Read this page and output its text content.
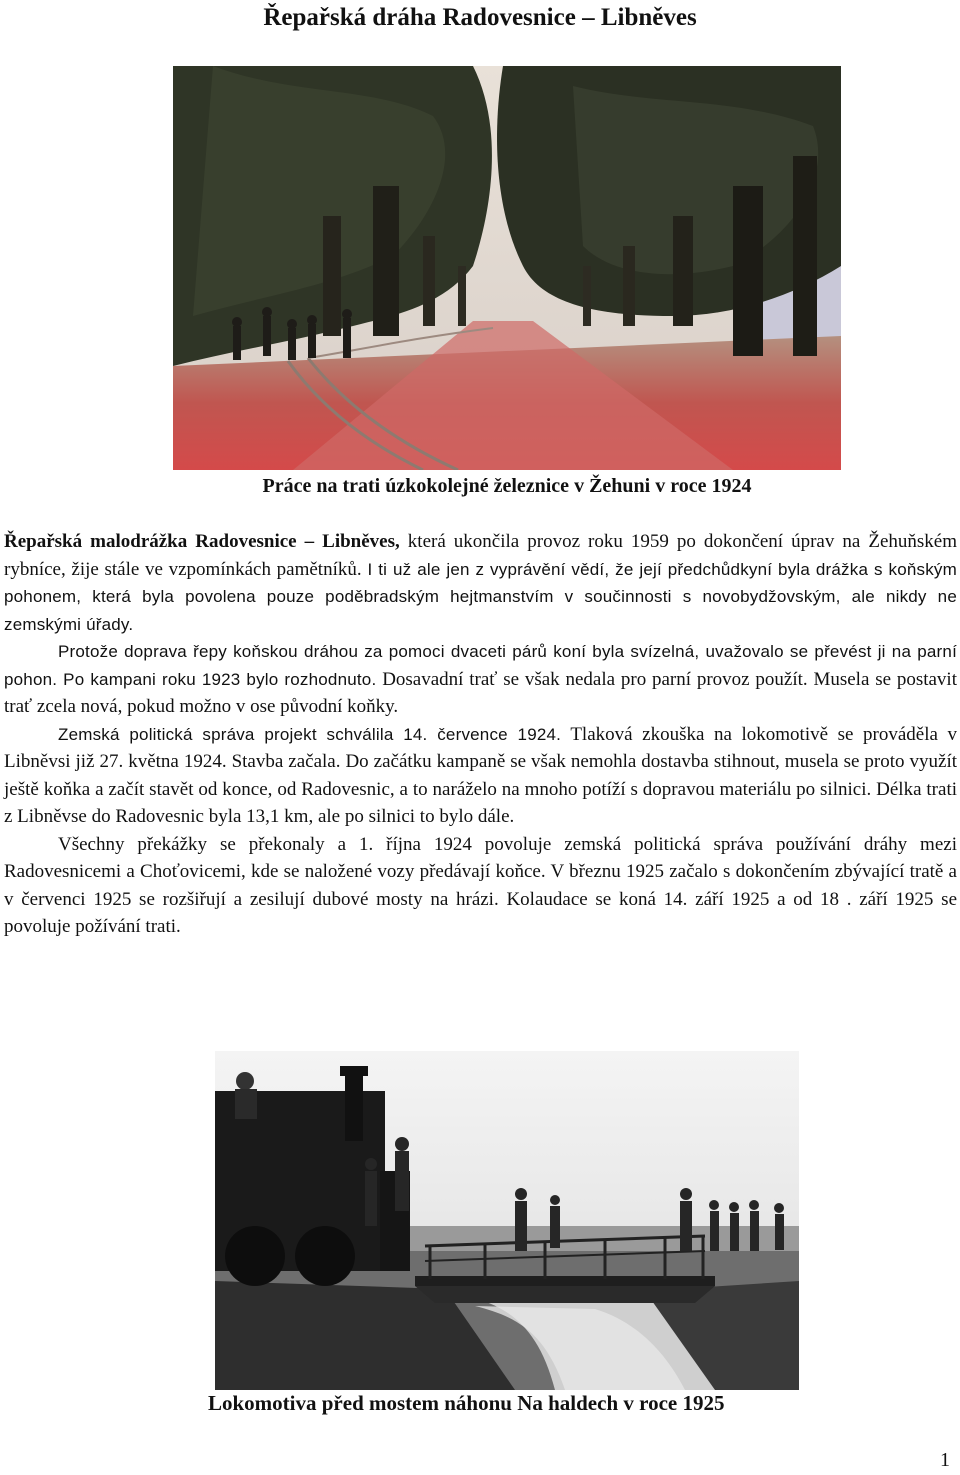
Řepařská dráha Radovesnice – Libněves
Práce na trati úzkokolejné železnice v Žehuni v roce 1924

Řepařská malodrážka Radovesnice – Libněves, která ukončila provoz roku 1959 po dokončení úprav na Žehuňském rybníce, žije stále ve vzpomínkách pamětníků. I ti už ale jen z vyprávění vědí, že její předchůdkyní byla drážka s koňským pohonem, která byla povolena pouze poděbradským hejtmanstvím v součinnosti s novobydžovským, ale nikdy ne zemskými úřady.

Protože doprava řepy koňskou dráhou za pomoci dvaceti párů koní byla svízelná, uvažovalo se převést ji na parní pohon. Po kampani roku 1923 bylo rozhodnuto. Dosavadní trať se však nedala pro parní provoz použít. Musela se postavit trať zcela nová, pokud možno v ose původní koňky.

Zemská politická správa projekt schválila 14. července 1924. Tlaková zkouška na lokomotivě se prováděla v Libněvsi již 27. května 1924. Stavba začala. Do začátku kampaně se však nemohla dostavba stihnout, musela se proto využít ještě koňka a začít stavět od konce, od Radovesnic, a to naráželo na mnoho potíží s dopravou materiálu po silnici. Délka trati z Libněvse do Radovesnic byla 13,1 km, ale po silnici to bylo dále.

Všechny překážky se překonaly a 1. října 1924 povoluje zemská politická správa používání dráhy mezi Radovesnicemi a Choťovicemi, kde se naložené vozy předávají koňce. V březnu 1925 začalo s dokončením zbývající tratě a v červenci 1925 se rozšiřují a zesilují dubové mosty na hrázi. Kolaudace se koná 14. září 1925 a od 18 . září 1925 se povoluje požívání trati.

Lokomotiva před mostem náhonu Na haldech v roce 1925
1
